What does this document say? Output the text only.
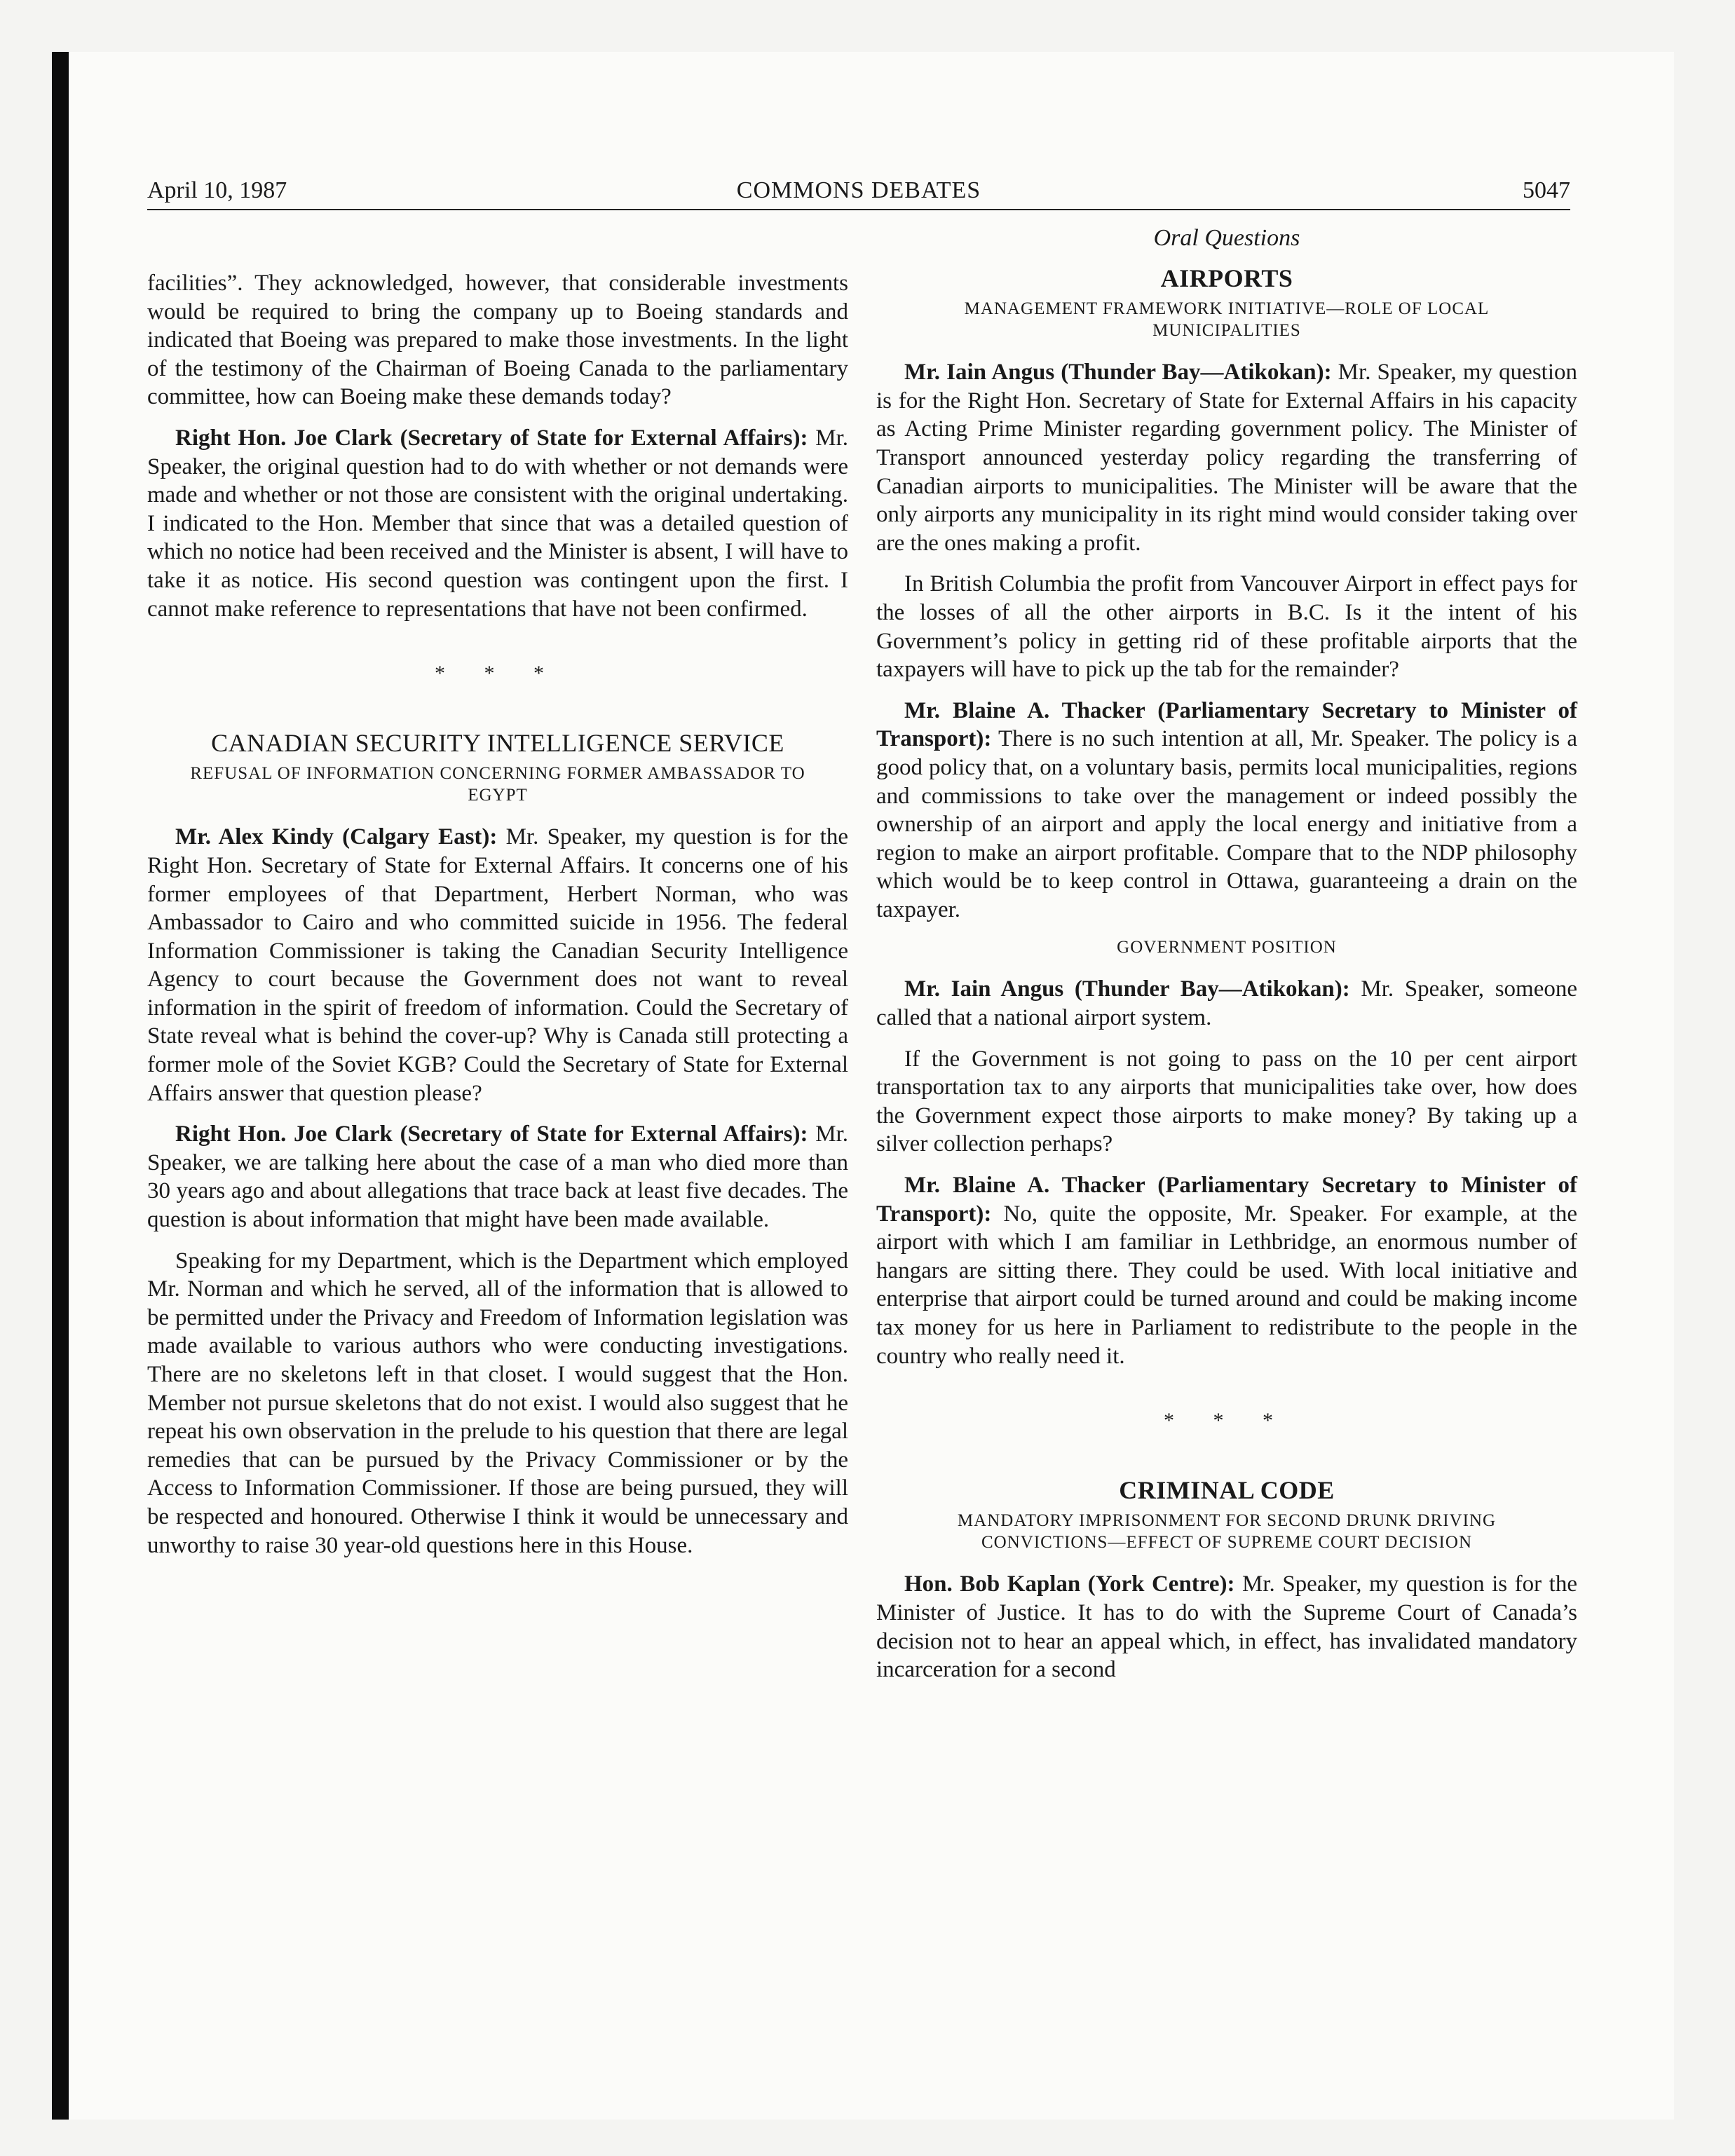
April 10, 1987	COMMONS DEBATES	5047

facilities”. They acknowledged, however, that considerable investments would be required to bring the company up to Boeing standards and indicated that Boeing was prepared to make those investments. In the light of the testimony of the Chairman of Boeing Canada to the parliamentary committee, how can Boeing make these demands today?

Right Hon. Joe Clark (Secretary of State for External Affairs): Mr. Speaker, the original question had to do with whether or not demands were made and whether or not those are consistent with the original undertaking. I indicated to the Hon. Member that since that was a detailed question of which no notice had been received and the Minister is absent, I will have to take it as notice. His second question was contingent upon the first. I cannot make reference to representations that have not been confirmed.

* * *
CANADIAN SECURITY INTELLIGENCE SERVICE
REFUSAL OF INFORMATION CONCERNING FORMER AMBASSADOR TO EGYPT

Mr. Alex Kindy (Calgary East): Mr. Speaker, my question is for the Right Hon. Secretary of State for External Affairs. It concerns one of his former employees of that Department, Herbert Norman, who was Ambassador to Cairo and who committed suicide in 1956. The federal Information Commissioner is taking the Canadian Security Intelligence Agency to court because the Government does not want to reveal information in the spirit of freedom of information. Could the Secretary of State reveal what is behind the cover-up? Why is Canada still protecting a former mole of the Soviet KGB? Could the Secretary of State for External Affairs answer that question please?

Right Hon. Joe Clark (Secretary of State for External Affairs): Mr. Speaker, we are talking here about the case of a man who died more than 30 years ago and about allegations that trace back at least five decades. The question is about information that might have been made available.

Speaking for my Department, which is the Department which employed Mr. Norman and which he served, all of the information that is allowed to be permitted under the Privacy and Freedom of Information legislation was made available to various authors who were conducting investigations. There are no skeletons left in that closet. I would suggest that the Hon. Member not pursue skeletons that do not exist. I would also suggest that he repeat his own observation in the prelude to his question that there are legal remedies that can be pursued by the Privacy Commissioner or by the Access to Information Commissioner. If those are being pursued, they will be respected and honoured. Otherwise I think it would be unnecessary and unworthy to raise 30 year-old questions here in this House.

Oral Questions
AIRPORTS
MANAGEMENT FRAMEWORK INITIATIVE—ROLE OF LOCAL MUNICIPALITIES

Mr. Iain Angus (Thunder Bay—Atikokan): Mr. Speaker, my question is for the Right Hon. Secretary of State for External Affairs in his capacity as Acting Prime Minister regarding government policy. The Minister of Transport announced yesterday policy regarding the transferring of Canadian airports to municipalities. The Minister will be aware that the only airports any municipality in its right mind would consider taking over are the ones making a profit.

In British Columbia the profit from Vancouver Airport in effect pays for the losses of all the other airports in B.C. Is it the intent of his Government’s policy in getting rid of these profitable airports that the taxpayers will have to pick up the tab for the remainder?

Mr. Blaine A. Thacker (Parliamentary Secretary to Minister of Transport): There is no such intention at all, Mr. Speaker. The policy is a good policy that, on a voluntary basis, permits local municipalities, regions and commissions to take over the management or indeed possibly the ownership of an airport and apply the local energy and initiative from a region to make an airport profitable. Compare that to the NDP philosophy which would be to keep control in Ottawa, guaranteeing a drain on the taxpayer.

GOVERNMENT POSITION

Mr. Iain Angus (Thunder Bay—Atikokan): Mr. Speaker, someone called that a national airport system.

If the Government is not going to pass on the 10 per cent airport transportation tax to any airports that municipalities take over, how does the Government expect those airports to make money? By taking up a silver collection perhaps?

Mr. Blaine A. Thacker (Parliamentary Secretary to Minister of Transport): No, quite the opposite, Mr. Speaker. For example, at the airport with which I am familiar in Lethbridge, an enormous number of hangars are sitting there. They could be used. With local initiative and enterprise that airport could be turned around and could be making income tax money for us here in Parliament to redistribute to the people in the country who really need it.

* * *
CRIMINAL CODE
MANDATORY IMPRISONMENT FOR SECOND DRUNK DRIVING CONVICTIONS—EFFECT OF SUPREME COURT DECISION

Hon. Bob Kaplan (York Centre): Mr. Speaker, my question is for the Minister of Justice. It has to do with the Supreme Court of Canada’s decision not to hear an appeal which, in effect, has invalidated mandatory incarceration for a second
